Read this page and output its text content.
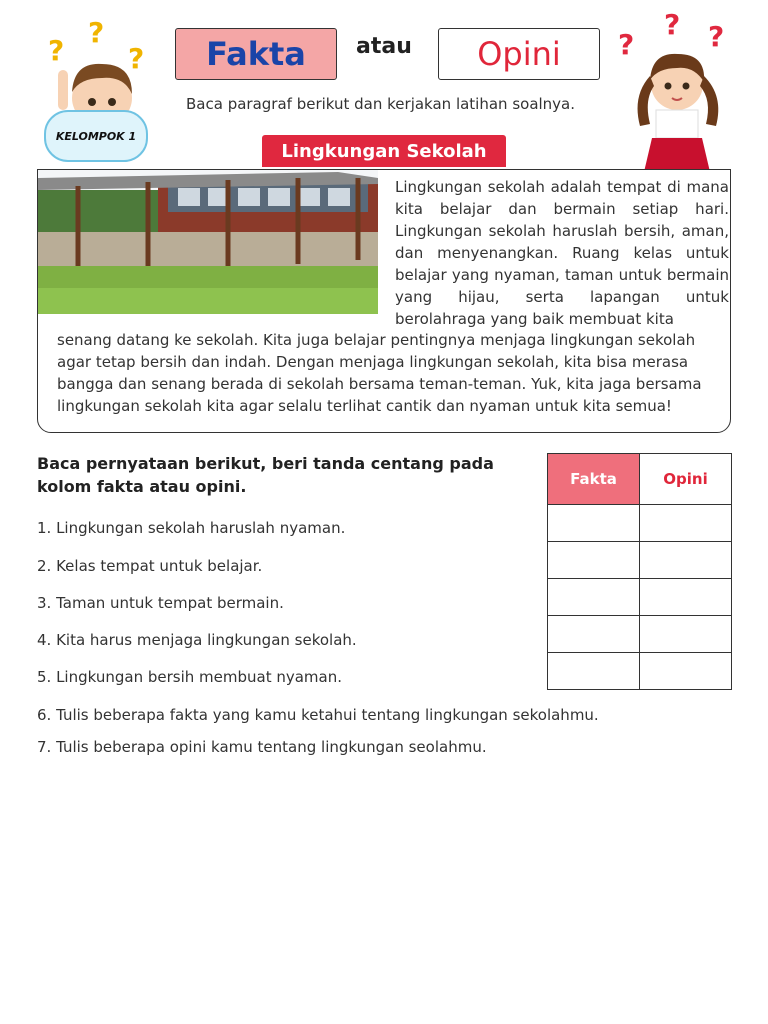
?
?
?
KELOMPOK 1
Fakta atau Opini
Baca paragraf berikut dan kerjakan latihan soalnya.
? ?
?
Lingkungan Sekolah
Lingkungan sekolah adalah tempat di mana kita belajar dan bermain setiap hari. Lingkungan sekolah haruslah bersih, aman, dan menyenangkan. Ruang kelas untuk belajar yang nyaman, taman untuk bermain yang hijau, serta lapangan untuk berolahraga yang baik membuat kita
senang datang ke sekolah. Kita juga belajar pentingnya menjaga lingkungan sekolah agar tetap bersih dan indah. Dengan menjaga lingkungan sekolah, kita bisa merasa bangga dan senang berada di sekolah bersama teman-teman. Yuk, kita jaga bersama lingkungan sekolah kita agar selalu terlihat cantik dan nyaman untuk kita semua!
Baca pernyataan berikut, beri tanda centang pada kolom fakta atau opini.
1. Lingkungan sekolah haruslah nyaman.
2. Kelas tempat untuk belajar.
3. Taman untuk tempat bermain.
4. Kita harus menjaga lingkungan sekolah.
5. Lingkungan bersih membuat nyaman.
6. Tulis beberapa fakta yang kamu ketahui tentang lingkungan sekolahmu.
7. Tulis beberapa opini kamu tentang lingkungan seolahmu.
Fakta	Opini
